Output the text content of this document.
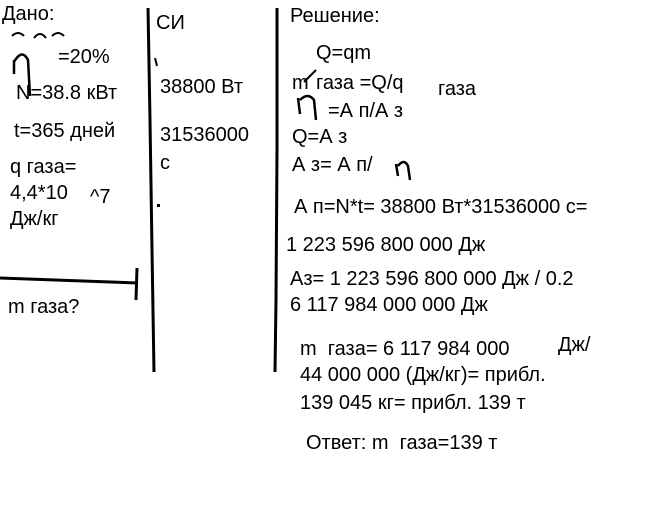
Дано:
=20%
N=38.8 кВт
t=365 дней
q газа=
4,4*10 ^7
Дж/кг
m газа?
СИ
38800 Вт
31536000
с
Решение:
Q=qm
m газа =Q/q газа
=А п/А з
Q=А з
А з= А п/
А п=N*t= 38800 Вт*31536000 с=
1 223 596 800 000 Дж
Аз= 1 223 596 800 000 Дж / 0.2
6 117 984 000 000 Дж
m  газа= 6 117 984 000 Дж/
44 000 000 (Дж/кг)= прибл.
139 045 кг= прибл. 139 т
Ответ: m  газа=139 т
